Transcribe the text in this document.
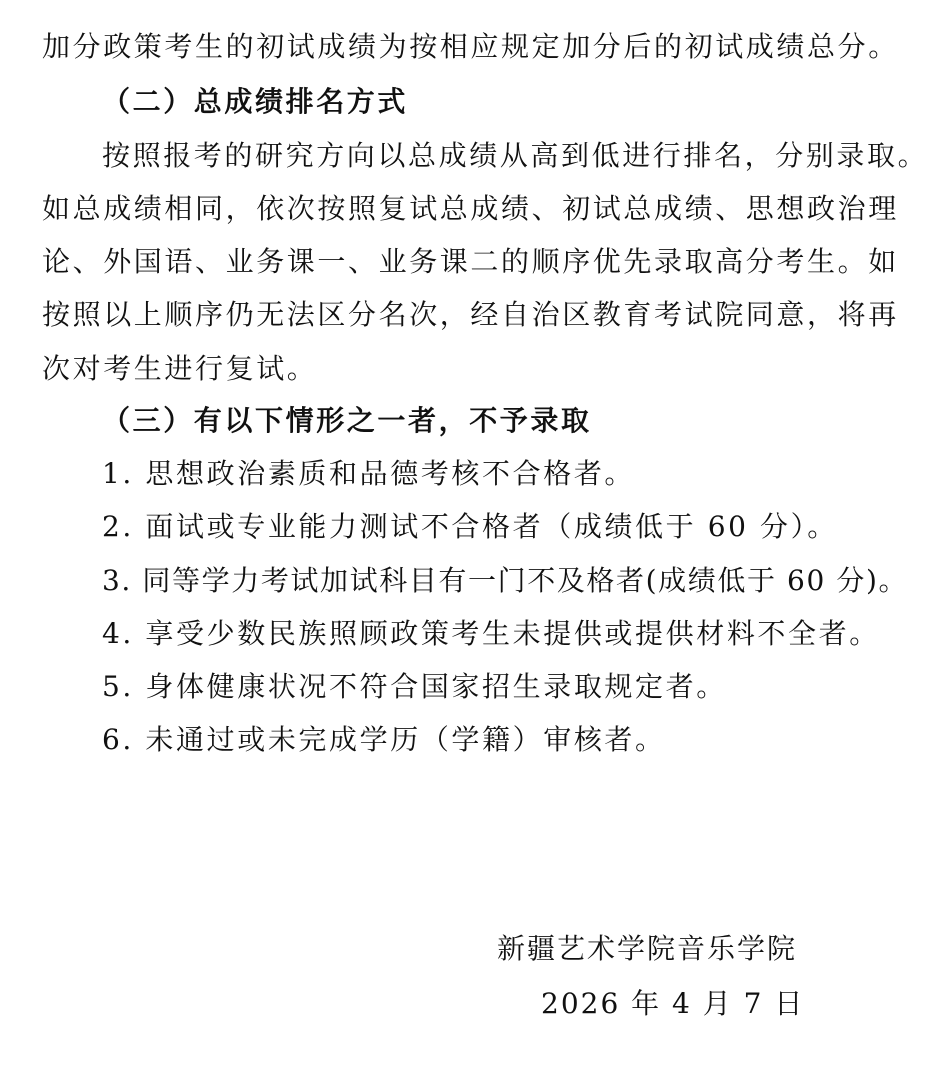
加分政策考生的初试成绩为按相应规定加分后的初试成绩总分。
（二）总成绩排名方式
按照报考的研究方向以总成绩从高到低进行排名，分别录取。
如总成绩相同，依次按照复试总成绩、初试总成绩、思想政治理
论、外国语、业务课一、业务课二的顺序优先录取高分考生。如
按照以上顺序仍无法区分名次，经自治区教育考试院同意，将再
次对考生进行复试。
（三）有以下情形之一者，不予录取
1. 思想政治素质和品德考核不合格者。
2. 面试或专业能力测试不合格者（成绩低于 60 分）。
3. 同等学力考试加试科目有一门不及格者(成绩低于 60 分)。
4. 享受少数民族照顾政策考生未提供或提供材料不全者。
5. 身体健康状况不符合国家招生录取规定者。
6. 未通过或未完成学历（学籍）审核者。
新疆艺术学院音乐学院
2026 年 4 月 7 日
